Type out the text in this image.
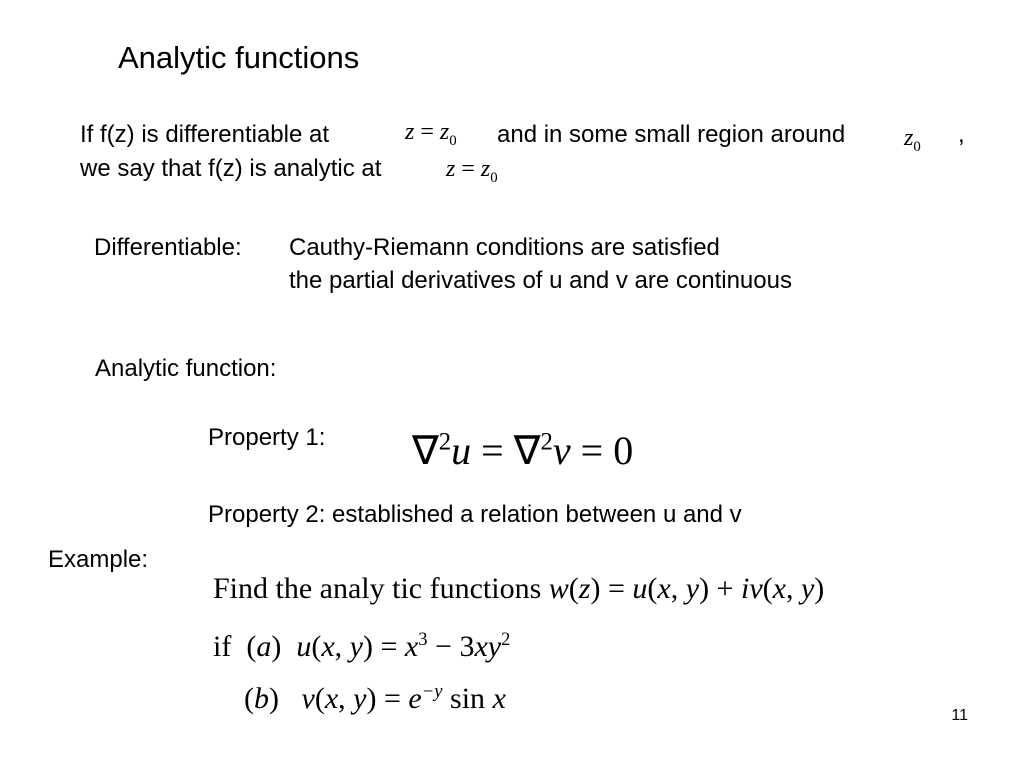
Analytic functions
If f(z) is differentiable at	$z = z_0$ and in some small region around $z_0$ ,
we say that f(z) is analytic at	$z = z_0$
Differentiable: Cauthy-Riemann conditions are satisfied
the partial derivatives of u and v are continuous
Analytic function:
Property 1: ∇$^2$u = ∇$^2$v = 0
Property 2: established a relation between u and v
Example:
Find the analy tic functions w(z) = u(x, y) + iv(x, y)
if  (a)  u(x, $y) = x^3 - 3xy^2$
(b)   v(x, $y) = e^{-y}$ sin x
11
